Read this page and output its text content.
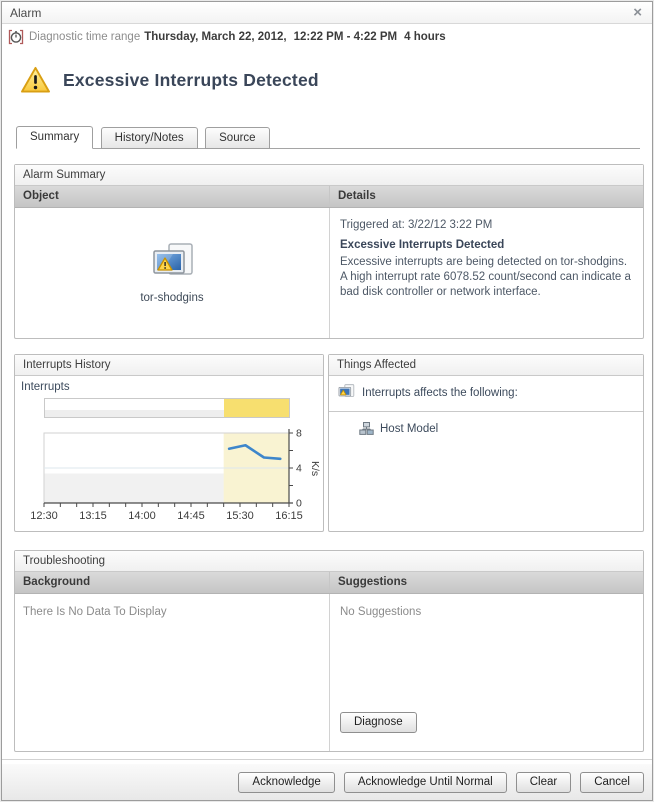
Alarm	×
Diagnostic time range Thursday, March 22, 2012 , 12:22 PM - 4:22 PM 4 hours
Excessive Interrupts Detected
Summary	History/Notes	Source
Alarm Summary
Object	Details
tor-shodgins
Triggered at: 3/22/12 3:22 PM
Excessive Interrupts Detected
Excessive interrupts are being detected on tor-shodgins. A high interrupt rate 6078.52 count/second can indicate a bad disk controller or network interface.
Interrupts History
Interrupts
12:30 13:15 14:00 14:45 15:30 16:15
0
4
8
K/s
Things Affected
Interrupts affects the following:
Host Model
Troubleshooting
Background	Suggestions
There Is No Data To Display	No Suggestions
Diagnose
Acknowledge	Acknowledge Until Normal	Clear	Cancel
